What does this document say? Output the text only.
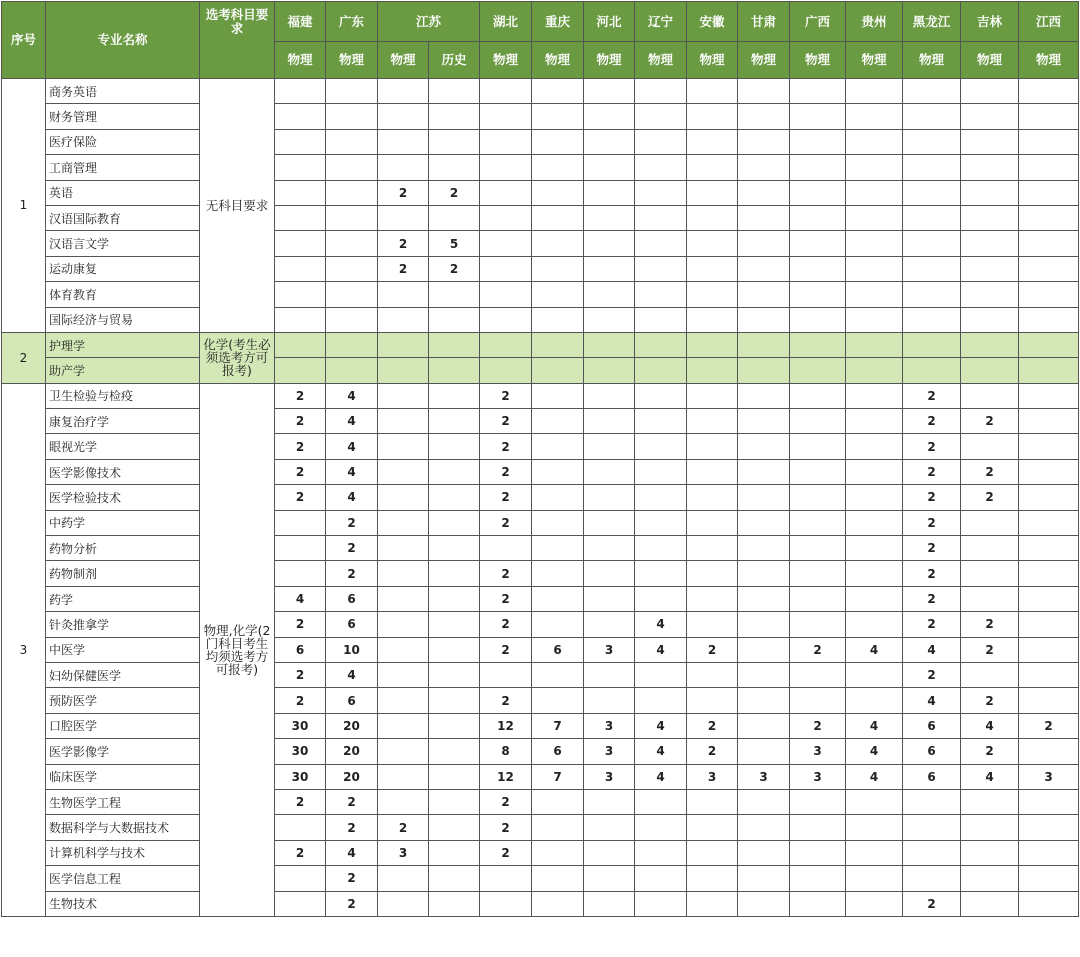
序号	专业名称	选考科目要求	福建	广东	江苏		湖北	重庆	河北	辽宁	安徽	甘肃	广西	贵州	黑龙江	吉林	江西
			物理	物理	物理	历史	物理	物理	物理	物理	物理	物理	物理	物理	物理	物理	物理
1	商务英语	无科目要求															
	财务管理																
	医疗保险																
	工商管理																
	英语				2	2											
	汉语国际教育																
	汉语言文学				2	5											
	运动康复				2	2											
	体育教育																
	国际经济与贸易																
2	护理学	化学(考生必须选考方可报考)															
	助产学																
3	卫生检验与检疫	物理,化学(2门科目考生均须选考方可报考)	2	4			2								2		
	康复治疗学		2	4			2								2	2	
	眼视光学		2	4			2								2		
	医学影像技术		2	4			2								2	2	
	医学检验技术		2	4			2								2	2	
	中药学			2			2								2		
	药物分析			2											2		
	药物制剂			2			2								2		
	药学		4	6			2								2		
	针灸推拿学		2	6			2			4					2	2	
	中医学		6	10			2	6	3	4	2		2	4	4	2	
	妇幼保健医学		2	4											2		
	预防医学		2	6			2								4	2	
	口腔医学		30	20			12	7	3	4	2		2	4	6	4	2
	医学影像学		30	20			8	6	3	4	2		3	4	6	2	
	临床医学		30	20			12	7	3	4	3	3	3	4	6	4	3
	生物医学工程		2	2			2										
	数据科学与大数据技术			2	2		2										
	计算机科学与技术		2	4	3		2										
	医学信息工程			2													
	生物技术			2											2		
